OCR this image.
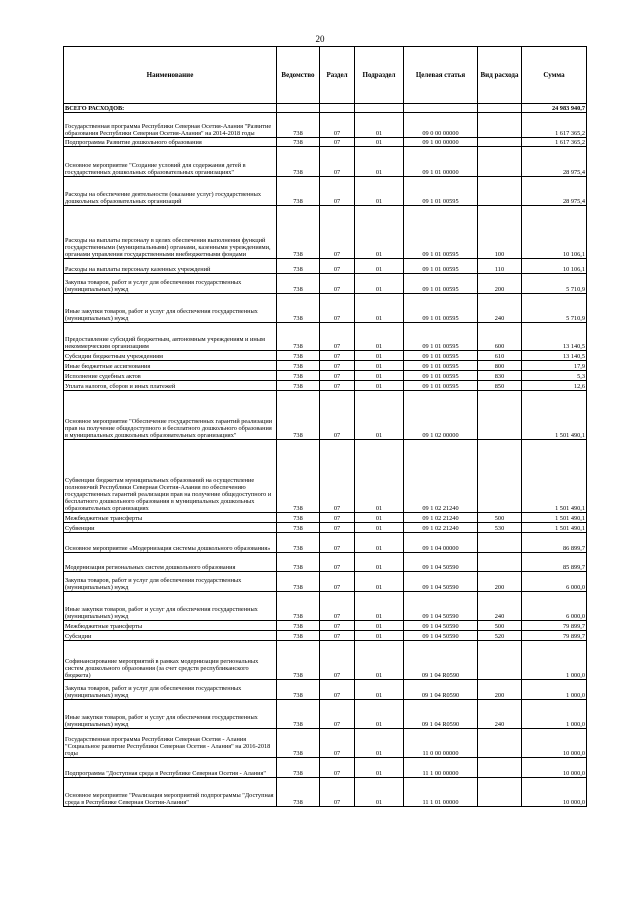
20
Наименование	Ведомство	Раздел	Подраздел	Целевая статья	Вид расхода	Сумма
ВСЕГО РАСХОДОВ:						24 983 940,7
Государственная программа Республики Северная Осетия-Алания "Развитие образования Республики Северная Осетия-Алания" на 2014-2018 годы	738	07	01	09 0 00 00000		1 617 365,2
Подпрограмма Развитие дошкольного образования	738	07	01	09 1 00 00000		1 617 365,2
Основное мероприятие "Создание условий для содержания детей в государственных дошкольных образовательных организациях"	738	07	01	09 1 01 00000		28 975,4
Расходы на обеспечение деятельности (оказание услуг) государственных дошкольных образовательных организаций	738	07	01	09 1 01 00595		28 975,4
Расходы на выплаты персоналу в целях обеспечения выполнения функций государственными (муниципальными) органами, казенными учреждениями, органами управления государственными внебюджетными фондами	738	07	01	09 1 01 00595	100	10 106,1
Расходы на выплаты персоналу казенных учреждений	738	07	01	09 1 01 00595	110	10 106,1
Закупка товаров, работ и услуг для обеспечения государственных (муниципальных) нужд	738	07	01	09 1 01 00595	200	5 710,9
Иные закупки товаров, работ и услуг для обеспечения государственных (муниципальных) нужд	738	07	01	09 1 01 00595	240	5 710,9
Предоставление субсидий бюджетным, автономным учреждениям и иным некоммерческим организациям	738	07	01	09 1 01 00595	600	13 140,5
Субсидии бюджетным учреждениям	738	07	01	09 1 01 00595	610	13 140,5
Иные бюджетные ассигнования	738	07	01	09 1 01 00595	800	17,9
Исполнение судебных актов	738	07	01	09 1 01 00595	830	5,3
Уплата налогов, сборов и иных платежей	738	07	01	09 1 01 00595	850	12,6
Основное мероприятие "Обеспечение государственных гарантий реализации прав на получение общедоступного и бесплатного дошкольного образования в муниципальных дошкольных образовательных организациях"	738	07	01	09 1 02 00000		1 501 490,1
Субвенции бюджетам муниципальных образований на осуществление полномочий Республики Северная Осетия-Алания по обеспечению государственных гарантий реализации прав на получение общедоступного и бесплатного дошкольного образования в муниципальных дошкольных образовательных организациях	738	07	01	09 1 02 21240		1 501 490,1
Межбюджетные трансферты	738	07	01	09 1 02 21240	500	1 501 490,1
Субвенции	738	07	01	09 1 02 21240	530	1 501 490,1
Основное мероприятие «Модернизация системы дошкольного образования»	738	07	01	09 1 04 00000		86 899,7
Модернизация региональных систем дошкольного образования	738	07	01	09 1 04 50590		85 899,7
Закупка товаров, работ и услуг для обеспечения государственных (муниципальных) нужд	738	07	01	09 1 04 50590	200	6 000,0
Иные закупки товаров, работ и услуг для обеспечения государственных (муниципальных) нужд	738	07	01	09 1 04 50590	240	6 000,0
Межбюджетные трансферты	738	07	01	09 1 04 50590	500	79 899,7
Субсидии	738	07	01	09 1 04 50590	520	79 899,7
Софинансирование мероприятий в рамках модернизации региональных систем дошкольного образования (за счет средств республиканского бюджета)	738	07	01	09 1 04 R0590		1 000,0
Закупка товаров, работ и услуг для обеспечения государственных (муниципальных) нужд	738	07	01	09 1 04 R0590	200	1 000,0
Иные закупки товаров, работ и услуг для обеспечения государственных (муниципальных) нужд	738	07	01	09 1 04 R0590	240	1 000,0
Государственная программа Республики Северная Осетия - Алания "Социальное развитие Республики Северная Осетия - Алания" на 2016-2018 годы	738	07	01	11 0 00 00000		10 000,0
Подпрограмма "Доступная среда в Республике Северная Осетия - Алания"	738	07	01	11 1 00 00000		10 000,0
Основное мероприятие "Реализация мероприятий подпрограммы "Доступная среда в Республике Северная Осетия-Алания"	738	07	01	11 1 01 00000		10 000,0
